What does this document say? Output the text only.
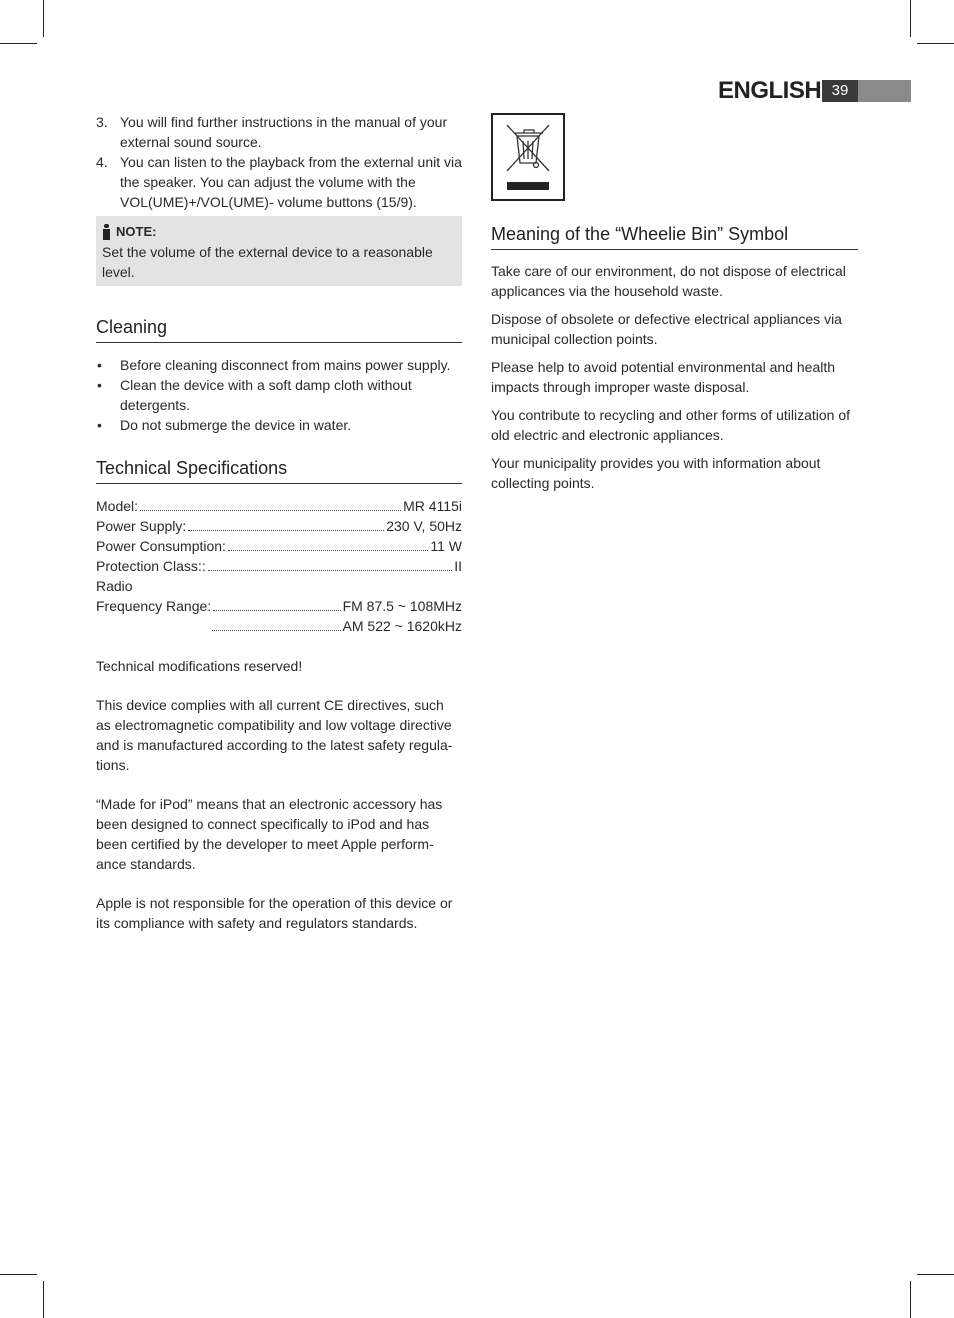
ENGLISH 39
3. You will find further instructions in the manual of your external sound source.
4. You can listen to the playback from the external unit via the speaker. You can adjust the volume with the VOL(UME)+/VOL(UME)- volume buttons (15/9).
NOTE:
Set the volume of the external device to a reasonable level.
Cleaning
• Before cleaning disconnect from mains power supply.
• Clean the device with a soft damp cloth without detergents.
• Do not submerge the device in water.
Technical Specifications
Model:	MR 4115i
Power Supply:	230 V, 50Hz
Power Consumption:	11 W
Protection Class::	II
Radio
Frequency Range:	FM 87.5 ~ 108MHz
AM 522 ~ 1620kHz

Technical modifications reserved!

This device complies with all current CE directives, such as electromagnetic compatibility and low voltage directive and is manufactured according to the latest safety regula-tions.

“Made for iPod” means that an electronic accessory has been designed to connect specifically to iPod and has been certified by the developer to meet Apple perform-ance standards.

Apple is not responsible for the operation of this device or its compliance with safety and regulators standards.

Meaning of the “Wheelie Bin” Symbol

Take care of our environment, do not dispose of electrical applicances via the household waste.

Dispose of obsolete or defective electrical appliances via municipal collection points.

Please help to avoid potential environmental and health impacts through improper waste disposal.

You contribute to recycling and other forms of utilization of old electric and electronic appliances.

Your municipality provides you with information about collecting points.
